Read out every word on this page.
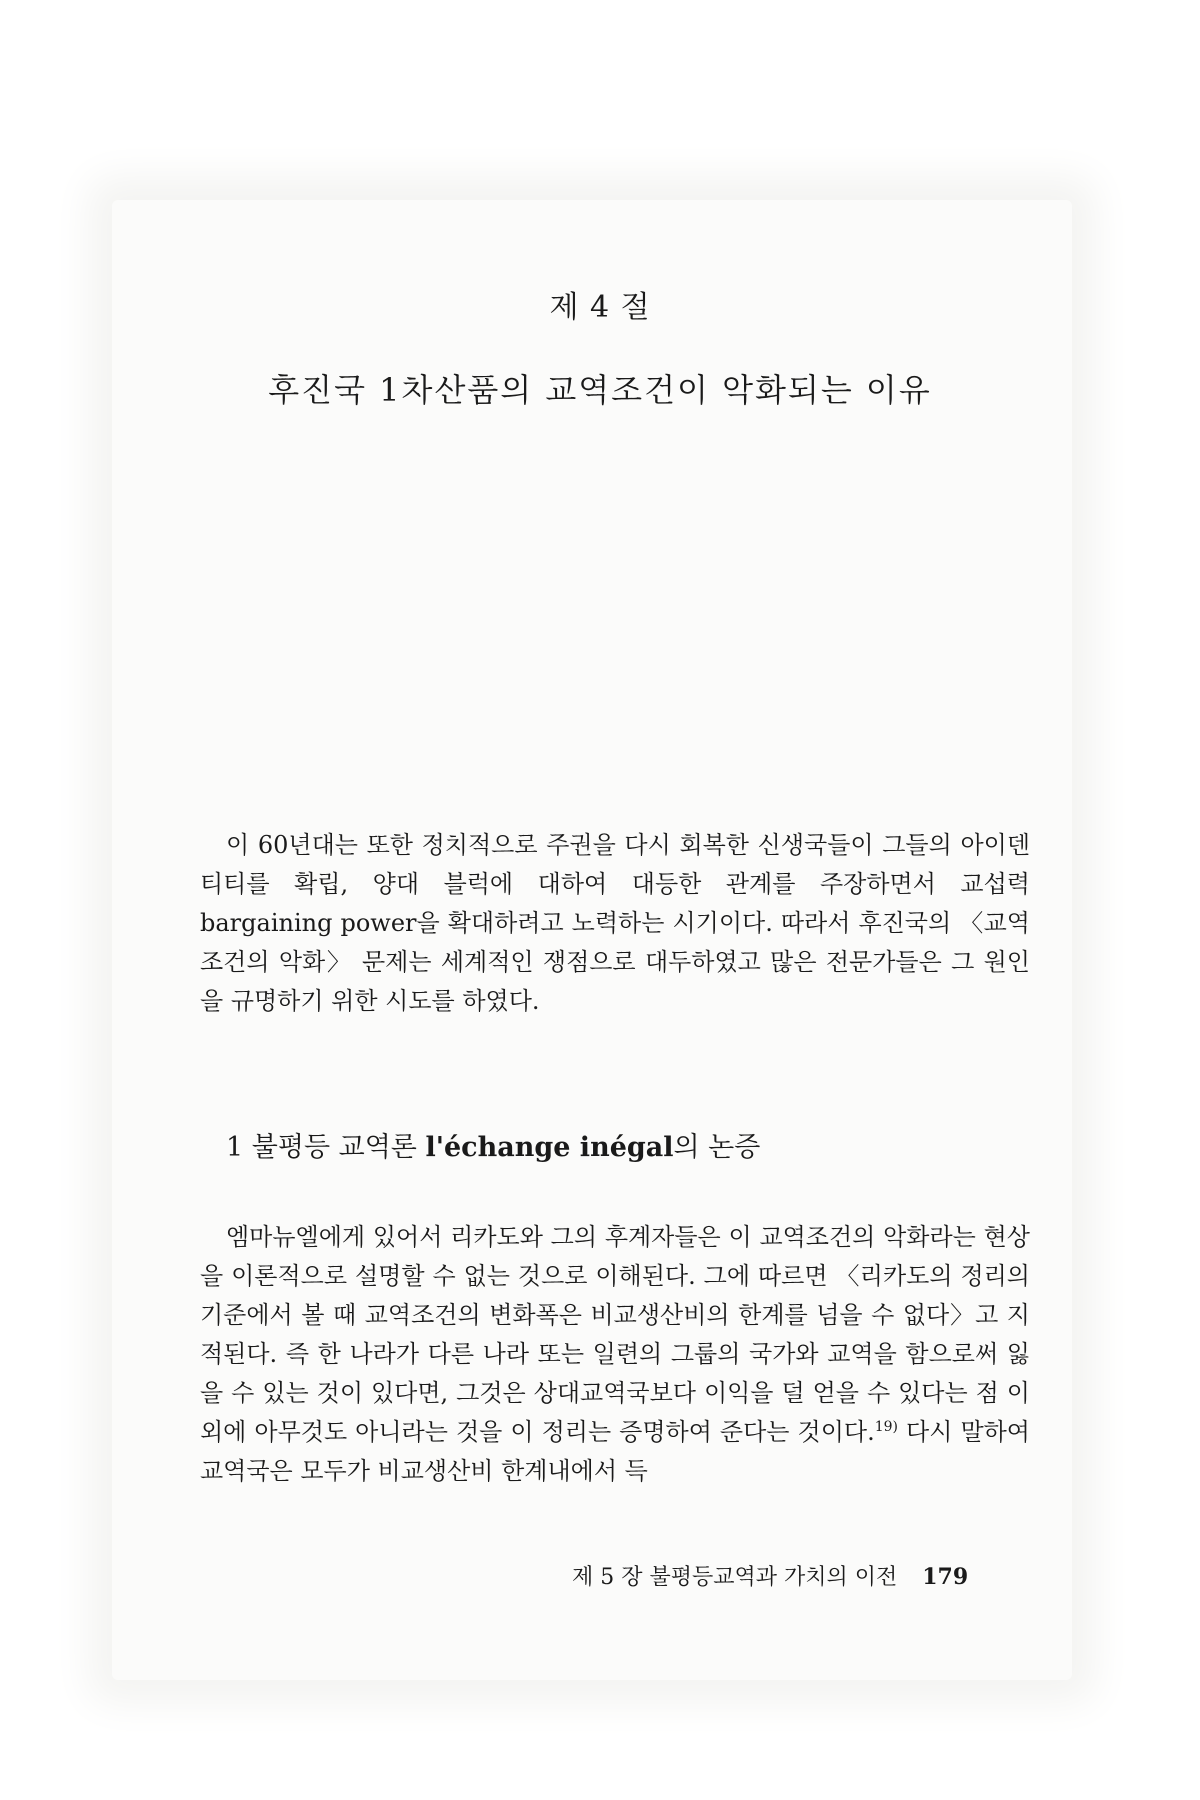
제 4 절
후진국 1차산품의 교역조건이 악화되는 이유
이 60년대는 또한 정치적으로 주권을 다시 회복한 신생국들이 그들의 아이덴티티를 확립, 양대 블럭에 대하여 대등한 관계를 주장하면서 교섭력 bargaining power을 확대하려고 노력하는 시기이다. 따라서 후진국의 〈교역조건의 악화〉 문제는 세계적인 쟁점으로 대두하였고 많은 전문가들은 그 원인을 규명하기 위한 시도를 하였다.
1 불평등 교역론 l'échange inégal의 논증
엠마뉴엘에게 있어서 리카도와 그의 후계자들은 이 교역조건의 악화라는 현상을 이론적으로 설명할 수 없는 것으로 이해된다. 그에 따르면 〈리카도의 정리의 기준에서 볼 때 교역조건의 변화폭은 비교생산비의 한계를 넘을 수 없다〉고 지적된다. 즉 한 나라가 다른 나라 또는 일련의 그룹의 국가와 교역을 함으로써 잃을 수 있는 것이 있다면, 그것은 상대교역국보다 이익을 덜 얻을 수 있다는 점 이외에 아무것도 아니라는 것을 이 정리는 증명하여 준다는 것이다.$^{19)}$ 다시 말하여 교역국은 모두가 비교생산비 한계내에서 득
제 5 장 불평등교역과 가치의 이전 179
